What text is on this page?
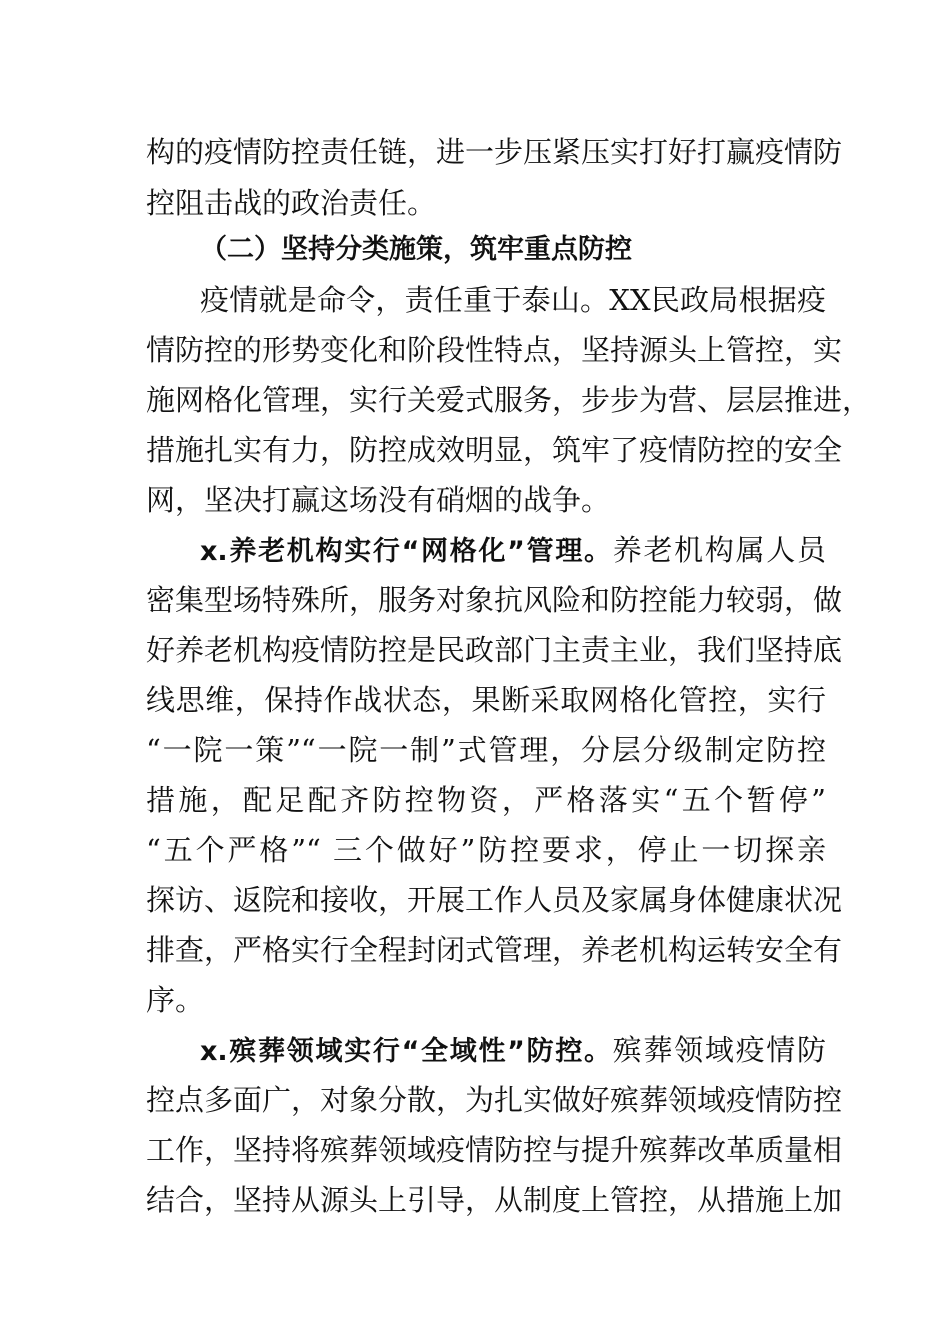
构的疫情防控责任链，进一步压紧压实打好打赢疫情防
控阻击战的政治责任。
（二）坚持分类施策，筑牢重点防控
疫情就是命令，责任重于泰山。XX民政局根据疫
情防控的形势变化和阶段性特点，坚持源头上管控，实
施网格化管理，实行关爱式服务，步步为营、层层推进，
措施扎实有力，防控成效明显，筑牢了疫情防控的安全
网，坚决打赢这场没有硝烟的战争。
x.养老机构实行“网格化”管理。养老机构属人员
密集型场特殊所，服务对象抗风险和防控能力较弱，做
好养老机构疫情防控是民政部门主责主业，我们坚持底
线思维，保持作战状态，果断采取网格化管控，实行
“一院一策”“一院一制”式管理，分层分级制定防控
措施，配足配齐防控物资，严格落实“五个暂停”
“五个严格”“ 三个做好”防控要求，停止一切探亲
探访、返院和接收，开展工作人员及家属身体健康状况
排查，严格实行全程封闭式管理，养老机构运转安全有
序。
x.殡葬领域实行“全域性”防控。殡葬领域疫情防
控点多面广，对象分散，为扎实做好殡葬领域疫情防控
工作，坚持将殡葬领域疫情防控与提升殡葬改革质量相
结合，坚持从源头上引导，从制度上管控，从措施上加
